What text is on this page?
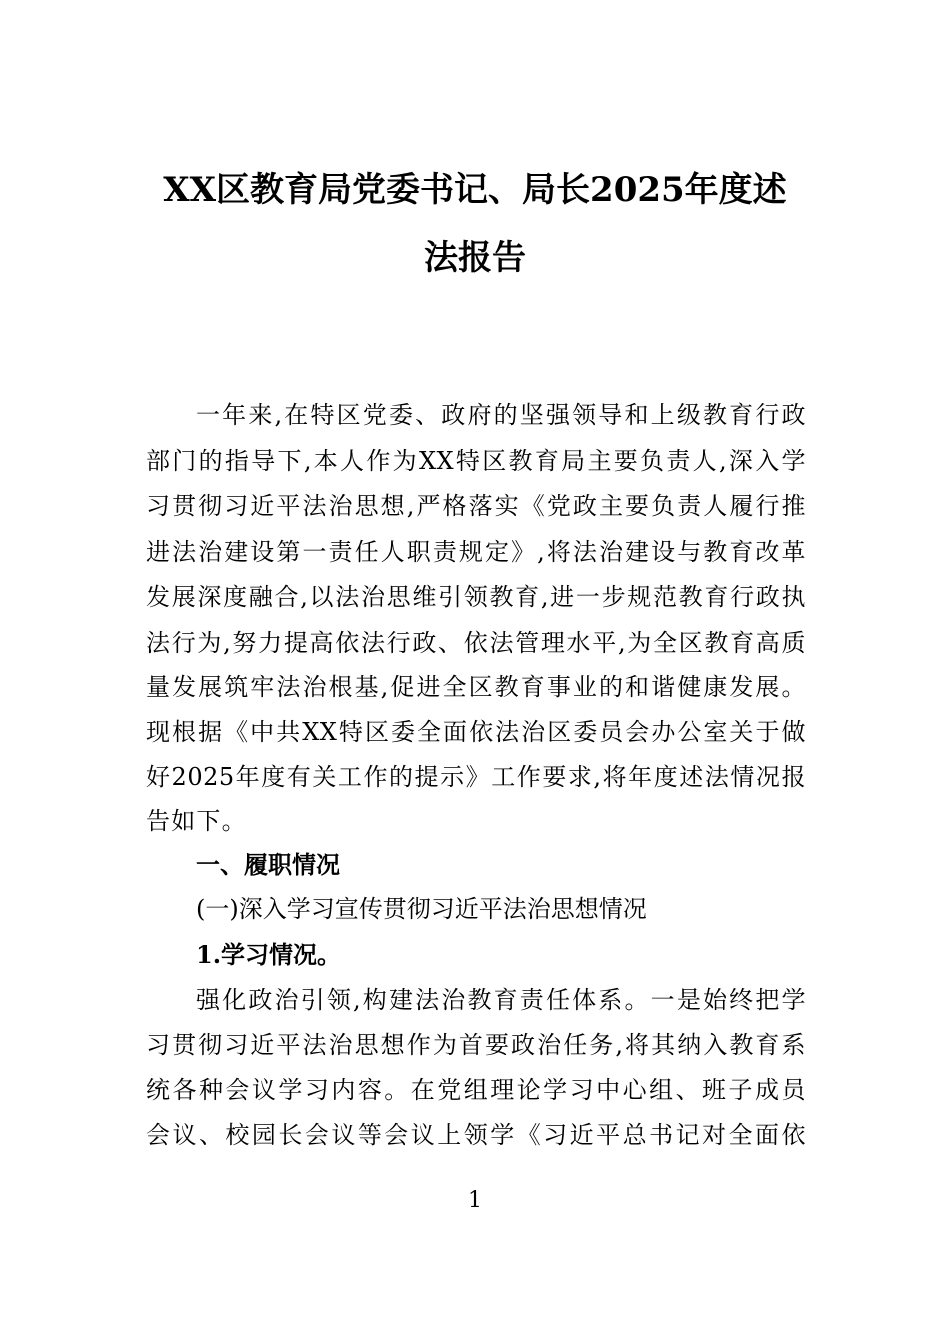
XX区教育局党委书记、局长2025年度述
法报告
一年来,在特区党委、政府的坚强领导和上级教育行政
部门的指导下,本人作为XX特区教育局主要负责人,深入学
习贯彻习近平法治思想,严格落实《党政主要负责人履行推
进法治建设第一责任人职责规定》,将法治建设与教育改革
发展深度融合,以法治思维引领教育,进一步规范教育行政执
法行为,努力提高依法行政、依法管理水平,为全区教育高质
量发展筑牢法治根基,促进全区教育事业的和谐健康发展。
现根据《中共XX特区委全面依法治区委员会办公室关于做
好2025年度有关工作的提示》工作要求,将年度述法情况报
告如下。
一、履职情况
(一)深入学习宣传贯彻习近平法治思想情况
1.学习情况。
强化政治引领,构建法治教育责任体系。一是始终把学
习贯彻习近平法治思想作为首要政治任务,将其纳入教育系
统各种会议学习内容。在党组理论学习中心组、班子成员
会议、校园长会议等会议上领学《习近平总书记对全面依
1
